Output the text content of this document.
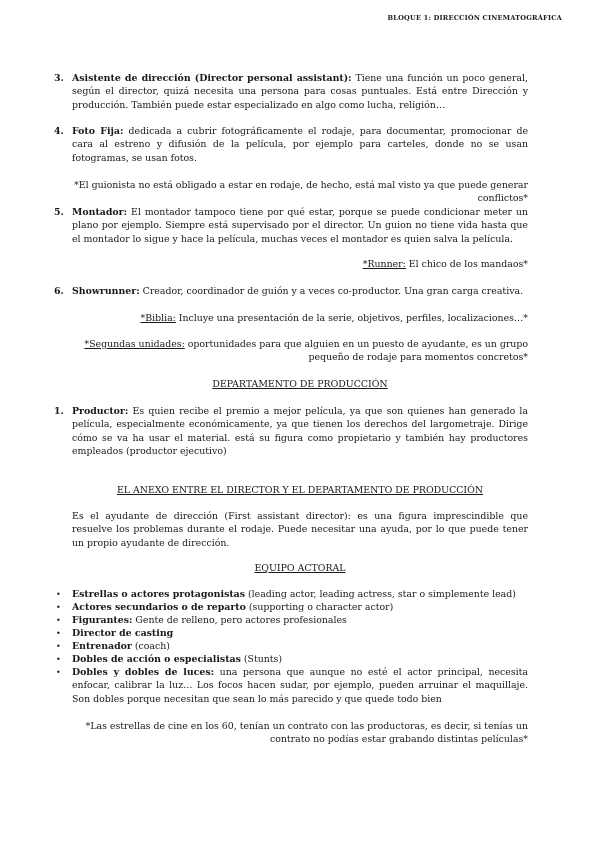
BLOQUE 1: DIRECCIÓN CINEMATOGRÁFICA
3. Asistente de dirección (Director personal assistant): Tiene una función un poco general, según el director, quizá necesita una persona para cosas puntuales. Está entre Dirección y producción. También puede estar especializado en algo como lucha, religión…
4. Foto Fija: dedicada a cubrir fotográficamente el rodaje, para documentar, promocionar de cara al estreno y difusión de la película, por ejemplo para carteles, donde no se usan fotogramas, se usan fotos.
*El guionista no está obligado a estar en rodaje, de hecho, está mal visto ya que puede generar conflictos*
5. Montador: El montador tampoco tiene por qué estar, porque se puede condicionar meter un plano por ejemplo. Siempre está supervisado por el director. Un guion no tiene vida hasta que el montador lo sigue y hace la película, muchas veces el montador es quien salva la película.
*Runner: El chico de los mandaos*
6. Showrunner: Creador, coordinador de guión y a veces co-productor. Una gran carga creativa.
*Biblia: Incluye una presentación de la serie, objetivos, perfiles, localizaciones…*
*Segundas unidades: oportunidades para que alguien en un puesto de ayudante, es un grupo pequeño de rodaje para momentos concretos*
DEPARTAMENTO DE PRODUCCIÓN
1. Productor: Es quien recibe el premio a mejor película, ya que son quienes han generado la película, especialmente económicamente, ya que tienen los derechos del largometraje. Dirige cómo se va ha usar el material. está su figura como propietario y también hay productores empleados (productor ejecutivo)
EL ANEXO ENTRE EL DIRECTOR Y EL DEPARTAMENTO DE PRODUCCIÓN
Es el ayudante de dirección (First assistant director): es una figura imprescindible que resuelve los problemas durante el rodaje. Puede necesitar una ayuda, por lo que puede tener un propio ayudante de dirección.
EQUIPO ACTORAL
• Estrellas o actores protagonistas (leading actor, leading actress, star o simplemente lead)
• Actores secundarios o de reparto (supporting o character actor)
• Figurantes: Gente de relleno, pero actores profesionales
• Director de casting
• Entrenador (coach)
• Dobles de acción o especialistas (Stunts)
• Dobles y dobles de luces: una persona que aunque no esté el actor principal, necesita enfocar, calibrar la luz… Los focos hacen sudar, por ejemplo, pueden arruinar el maquillaje. Son dobles porque necesitan que sean lo más parecido y que quede todo bien
*Las estrellas de cine en los 60, tenían un contrato con las productoras, es decir, si tenías un contrato no podías estar grabando distintas películas*
